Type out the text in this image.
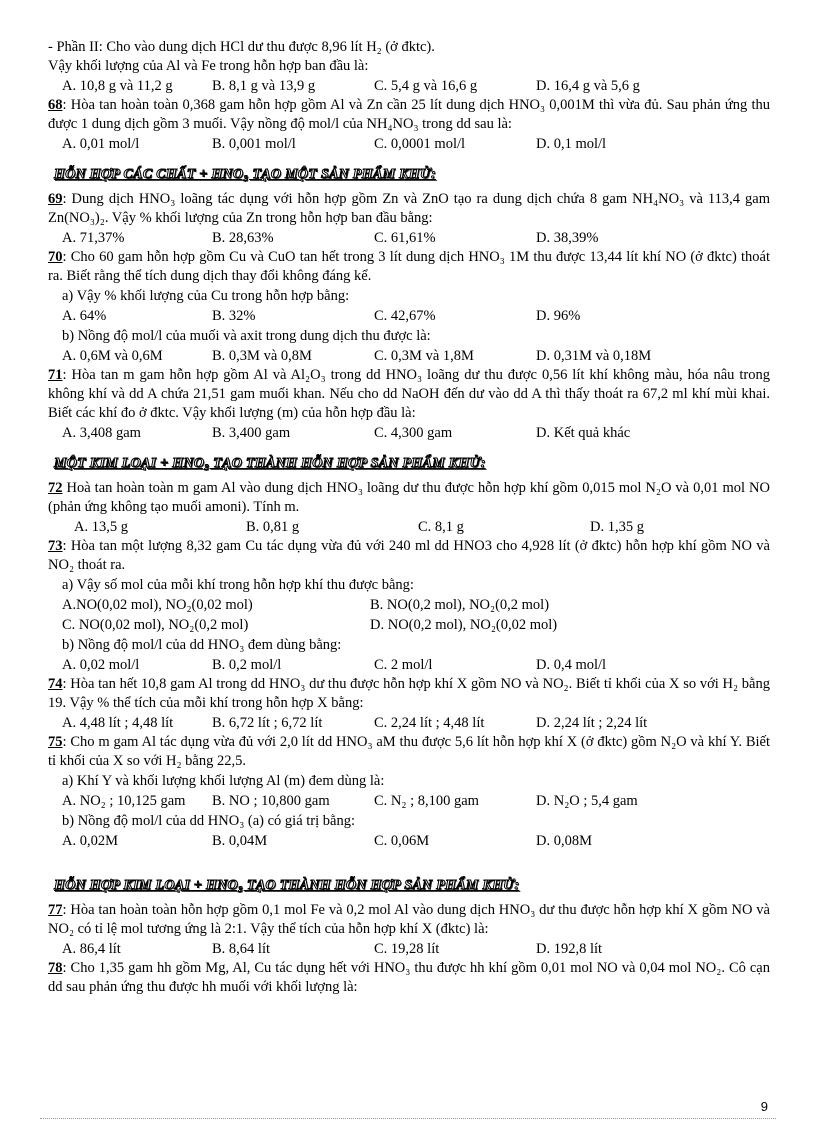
- Phần II: Cho vào dung dịch HCl dư thu được 8,96 lít H₂ (ở đktc).
Vậy khối lượng của Al và Fe trong hỗn hợp ban đầu là:
A. 10,8 g và 11,2 g	B. 8,1 g và 13,9 g	C. 5,4 g và 16,6 g	D. 16,4 g và 5,6 g
68: Hòa tan hoàn toàn 0,368 gam hỗn hợp gồm Al và Zn cần 25 lít dung dịch HNO₃ 0,001M thì vừa đủ. Sau phản ứng thu được 1 dung dịch gồm 3 muối. Vậy nồng độ mol/l của NH₄NO₃ trong dd sau là:
A. 0,01 mol/l	B. 0,001 mol/l	C. 0,0001 mol/l	D. 0,1 mol/l
HỖN HỢP CÁC CHẤT + HNO₃ TẠO MỘT SẢN PHẨM KHỬ:
69: Dung dịch HNO₃ loãng tác dụng với hỗn hợp gồm Zn và ZnO tạo ra dung dịch chứa 8 gam NH₄NO₃ và 113,4 gam Zn(NO₃)₂. Vậy % khối lượng của Zn trong hỗn hợp ban đầu bằng:
A. 71,37%	B. 28,63%	C. 61,61%	D. 38,39%
70: Cho 60 gam hỗn hợp gồm Cu và CuO tan hết trong 3 lít dung dịch HNO₃ 1M thu được 13,44 lít khí NO (ở đktc) thoát ra. Biết rằng thể tích dung dịch thay đổi không đáng kể.
a) Vậy % khối lượng của Cu trong hỗn hợp bằng:
A. 64%	B. 32%	C. 42,67%	D. 96%
b) Nồng độ mol/l của muối và axit trong dung dịch thu được là:
A. 0,6M và 0,6M	B. 0,3M và 0,8M	C. 0,3M và 1,8M	D. 0,31M và 0,18M
71: Hòa tan m gam hỗn hợp gồm Al và Al₂O₃ trong dd HNO₃ loãng dư thu được 0,56 lít khí không màu, hóa nâu trong không khí và dd A chứa 21,51 gam muối khan. Nếu cho dd NaOH đến dư vào dd A thì thấy thoát ra 67,2 ml khí mùi khai. Biết các khí đo ở đktc. Vậy khối lượng (m) của hỗn hợp đầu là:
A. 3,408 gam	B. 3,400 gam	C. 4,300 gam	D. Kết quả khác
MỘT KIM LOẠI + HNO₃ TẠO THÀNH HỖN HỢP SẢN PHẨM KHỬ:
72 Hoà tan hoàn toàn m gam Al vào dung dịch HNO₃ loãng dư thu được hỗn hợp khí gồm 0,015 mol N₂O và 0,01 mol NO (phản ứng không tạo muối amoni). Tính m.
A. 13,5 g	B. 0,81 g	C. 8,1 g	D. 1,35 g
73: Hòa tan một lượng 8,32 gam Cu tác dụng vừa đủ với 240 ml dd HNO3 cho 4,928 lít (ở đktc) hỗn hợp khí gồm NO và NO₂ thoát ra.
a) Vậy số mol của mỗi khí trong hỗn hợp khí thu được bằng:
A.NO(0,02 mol), NO₂(0,02 mol)	B. NO(0,2 mol), NO₂(0,2 mol)
C. NO(0,02 mol), NO₂(0,2 mol)	D. NO(0,2 mol), NO₂(0,02 mol)
b) Nồng độ mol/l của dd HNO₃ đem dùng bằng:
A. 0,02 mol/l	B. 0,2 mol/l	C. 2 mol/l	D. 0,4 mol/l
74: Hòa tan hết 10,8 gam Al trong dd HNO₃ dư thu được hỗn hợp khí X gồm NO và NO₂. Biết tỉ khối của X so với H₂ bằng 19. Vậy % thể tích của mỗi khí trong hỗn hợp X bằng:
A. 4,48 lít ; 4,48 lít	B. 6,72 lít ; 6,72 lít	C. 2,24 lít ; 4,48 lít	D. 2,24 lít ; 2,24 lít
75: Cho m gam Al tác dụng vừa đủ với 2,0 lít dd HNO₃ aM thu được 5,6 lít hỗn hợp khí X (ở đktc) gồm N₂O và khí Y. Biết tỉ khối của X so với H₂ bằng 22,5.
a) Khí Y và khối lượng khối lượng Al (m) đem dùng là:
A. NO₂ ; 10,125 gam	B. NO ; 10,800 gam	C. N₂ ; 8,100 gam	D. N₂O ; 5,4 gam
b) Nồng độ mol/l của dd HNO₃ (a) có giá trị bằng:
A. 0,02M	B. 0,04M	C. 0,06M	D. 0,08M
HỖN HỢP KIM LOẠI + HNO₃ TẠO THÀNH HỖN HỢP SẢN PHẨM KHỬ:
77: Hòa tan hoàn toàn hỗn hợp gồm 0,1 mol Fe và 0,2 mol Al vào dung dịch HNO₃ dư thu được hỗn hợp khí X gồm NO và NO₂ có tỉ lệ mol tương ứng là 2:1. Vậy thể tích của hỗn hợp khí X (đktc) là:
A. 86,4 lít	B. 8,64 lít	C. 19,28 lít	D. 192,8 lít
78: Cho 1,35 gam hh gồm Mg, Al, Cu tác dụng hết với HNO₃ thu được hh khí gồm 0,01 mol NO và 0,04 mol NO₂. Cô cạn dd sau phản ứng thu được hh muối với khối lượng là:
9
